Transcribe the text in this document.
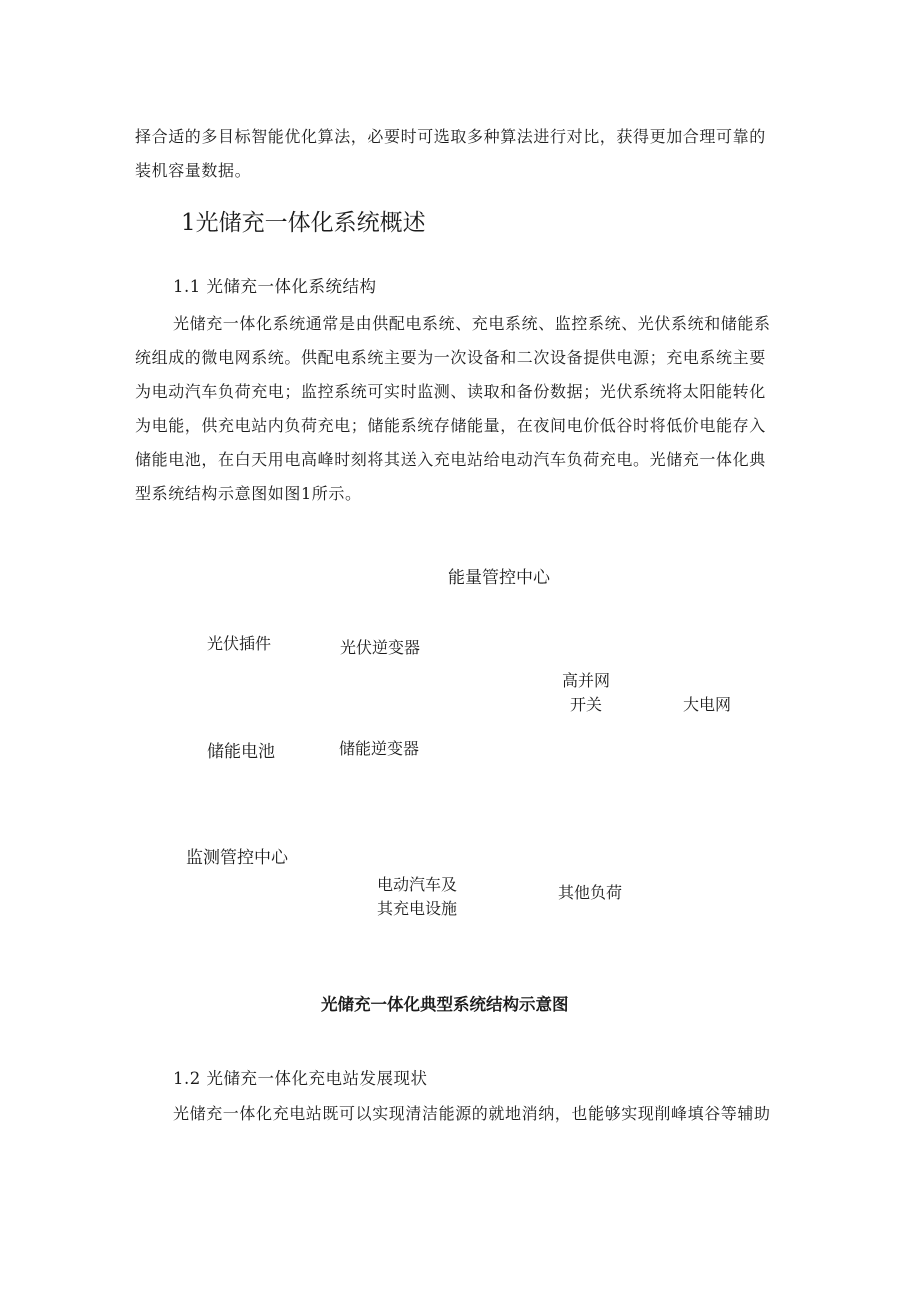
择合适的多目标智能优化算法，必要时可选取多种算法进行对比，获得更加合理可靠的
装机容量数据。
1光储充一体化系统概述
1.1 光储充一体化系统结构
光储充一体化系统通常是由供配电系统、充电系统、监控系统、光伏系统和储能系
统组成的微电网系统。供配电系统主要为一次设备和二次设备提供电源；充电系统主要
为电动汽车负荷充电；监控系统可实时监测、读取和备份数据；光伏系统将太阳能转化
为电能，供充电站内负荷充电；储能系统存储能量，在夜间电价低谷时将低价电能存入
储能电池，在白天用电高峰时刻将其送入充电站给电动汽车负荷充电。光储充一体化典
型系统结构示意图如图1所示。
能量管控中心
光伏插件	光伏逆变器
高并网
开关	大电网
储能电池	储能逆变器
监测管控中心
电动汽车及
其充电设施
其他负荷
光储充一体化典型系统结构示意图
1.2 光储充一体化充电站发展现状
光储充一体化充电站既可以实现清洁能源的就地消纳，也能够实现削峰填谷等辅助
